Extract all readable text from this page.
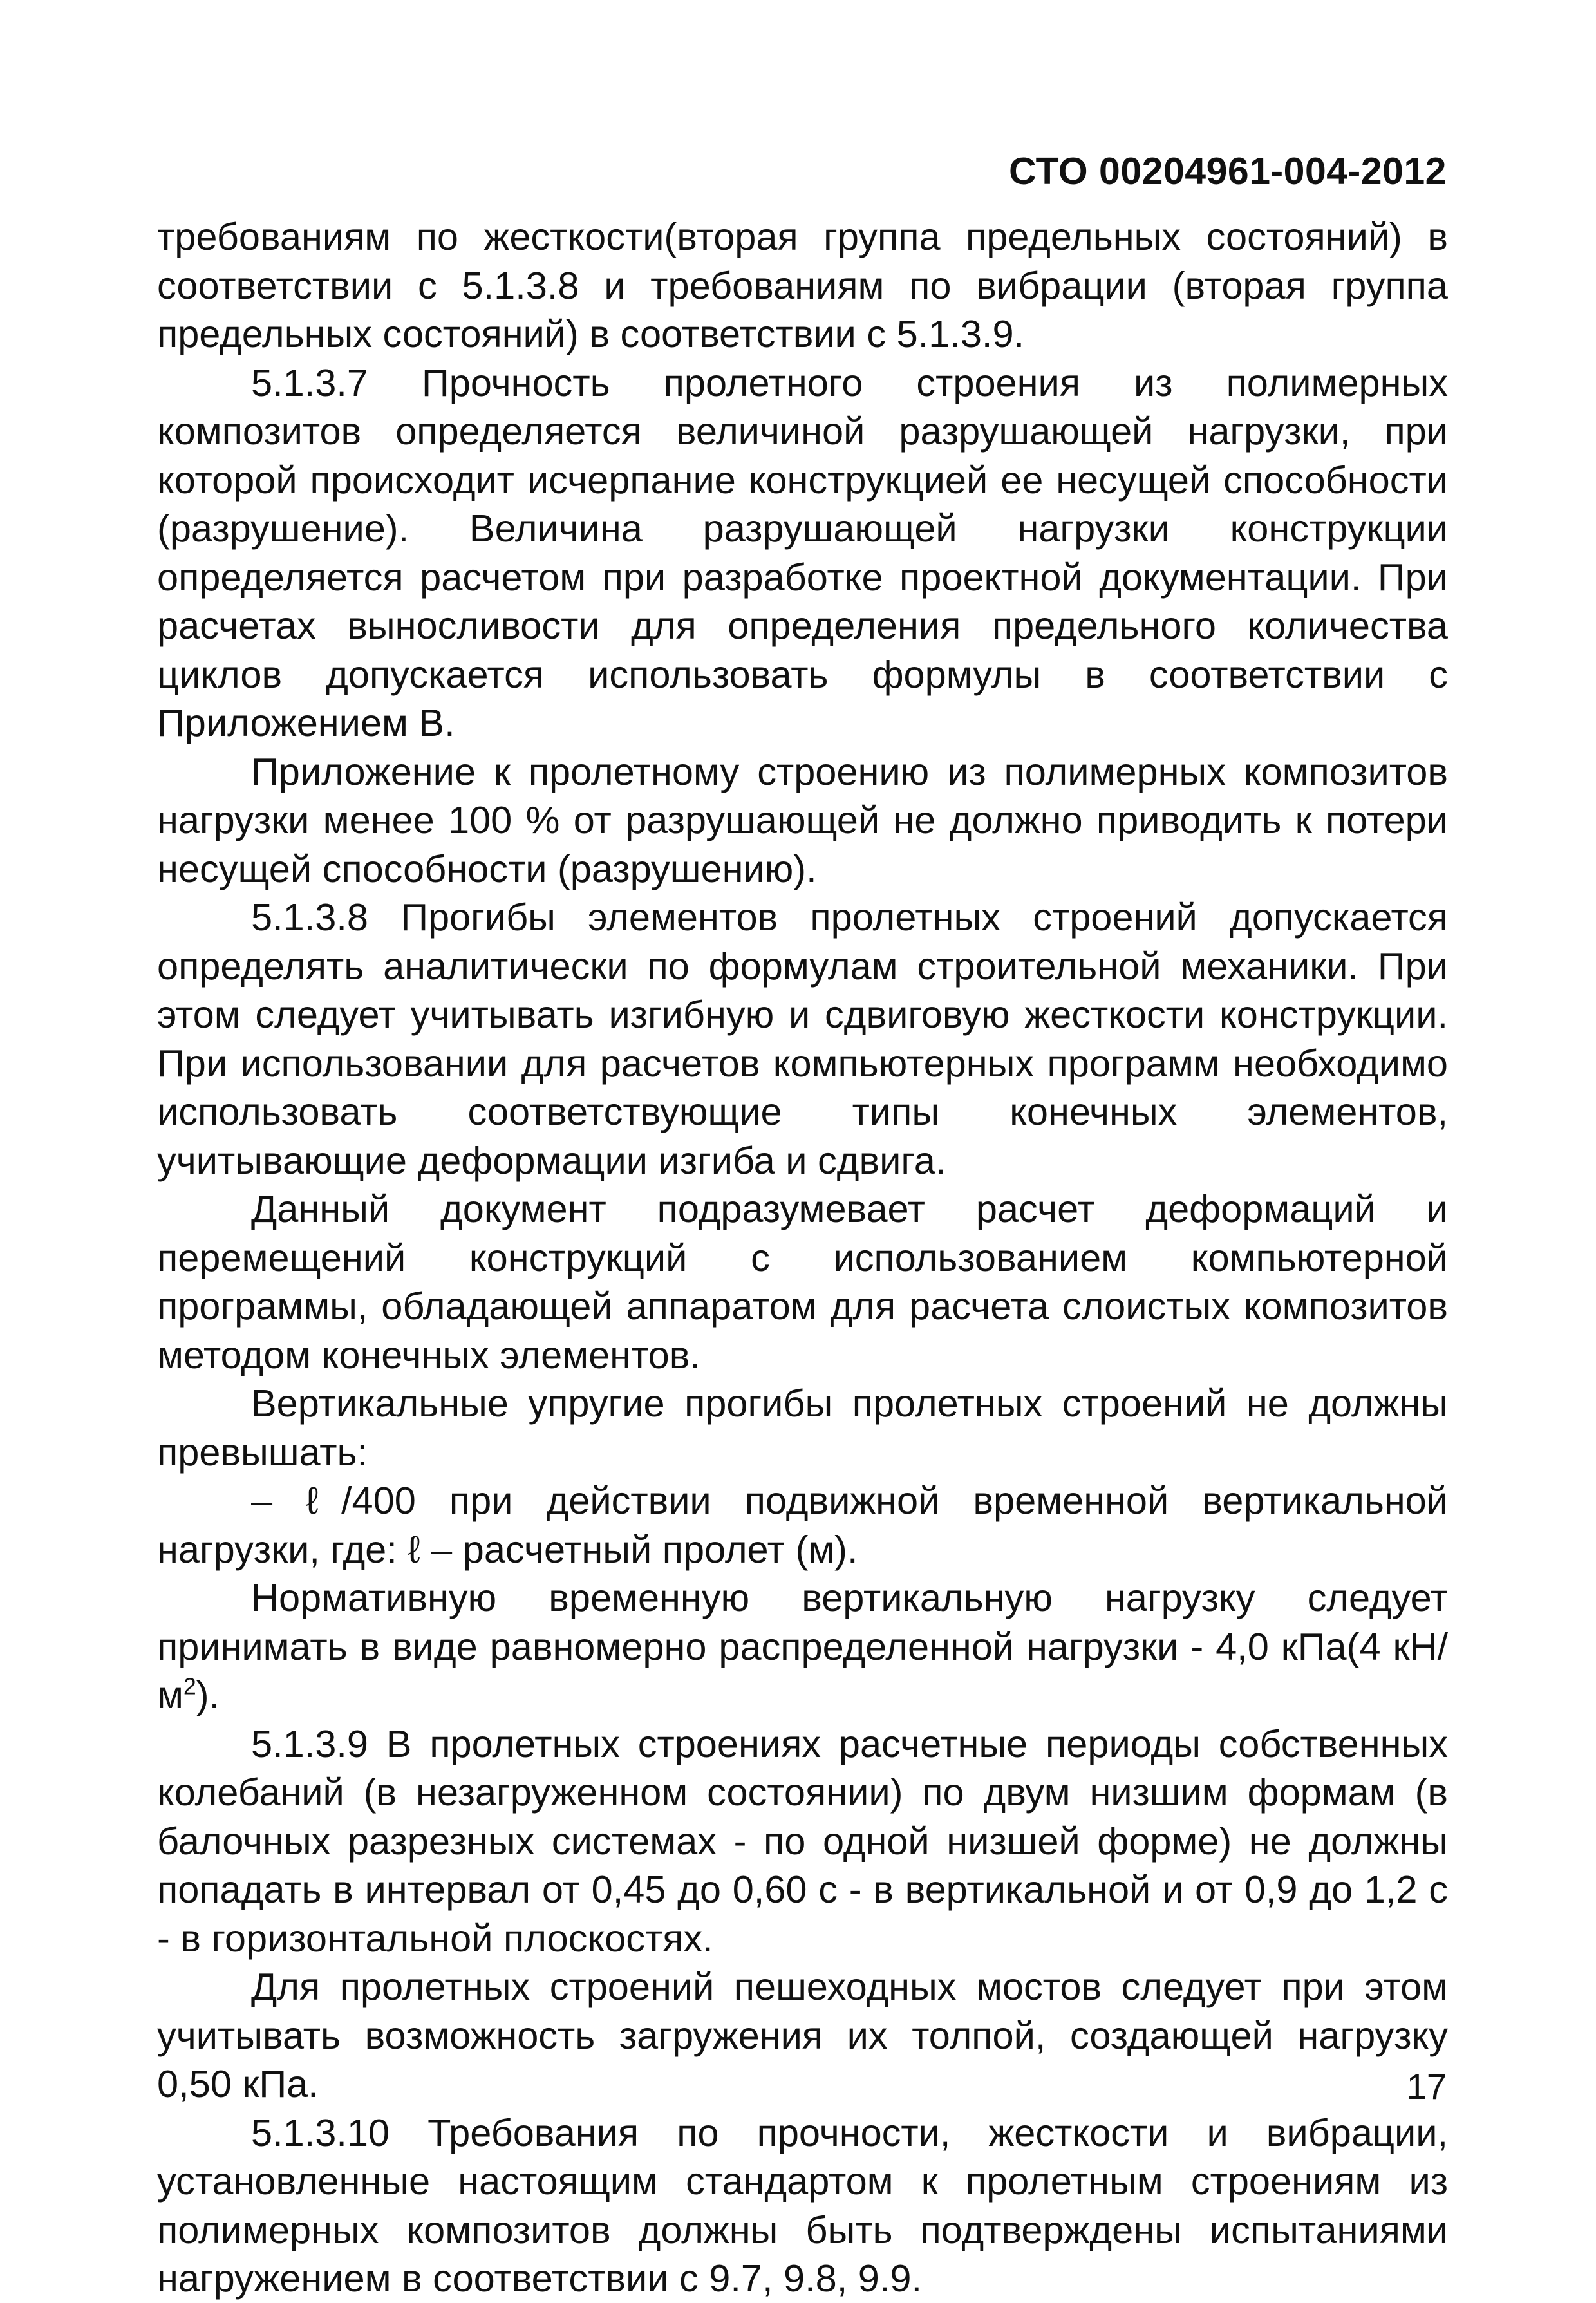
СТО 00204961-004-2012

требованиям по жесткости(вторая группа предельных состояний) в соответствии с 5.1.3.8 и требованиям по вибрации (вторая группа предельных состояний) в соответствии с 5.1.3.9.

5.1.3.7 Прочность пролетного строения из полимерных композитов определяется величиной разрушающей нагрузки, при которой происходит исчерпание конструкцией ее несущей способности (разрушение). Величина разрушающей нагрузки конструкции определяется расчетом при разработке проектной документации. При расчетах выносливости для определения предельного количества циклов допускается использовать формулы в соответствии с Приложением В.

Приложение к пролетному строению из полимерных композитов нагрузки менее 100 % от разрушающей не должно приводить к потери несущей способности (разрушению).

5.1.3.8 Прогибы элементов пролетных строений допускается определять аналитически по формулам строительной механики. При этом следует учитывать изгибную и сдвиговую жесткости конструкции. При использовании для расчетов компьютерных программ необходимо использовать соответствующие типы конечных элементов, учитывающие деформации изгиба и сдвига.

Данный документ подразумевает расчет деформаций и перемещений конструкций с использованием компьютерной программы, обладающей аппаратом для расчета слоистых композитов методом конечных элементов.

Вертикальные упругие прогибы пролетных строений не должны превышать:

– ℓ/400 при действии подвижной временной вертикальной нагрузки, где: ℓ – расчетный пролет (м).

Нормативную временную вертикальную нагрузку следует принимать в виде равномерно распределенной нагрузки - 4,0 кПа(4 $кН/м^2$).

5.1.3.9 В пролетных строениях расчетные периоды собственных колебаний (в незагруженном состоянии) по двум низшим формам (в балочных разрезных системах - по одной низшей форме) не должны попадать в интервал от 0,45 до 0,60 с - в вертикальной и от 0,9 до 1,2 с - в горизонтальной плоскостях.

Для пролетных строений пешеходных мостов следует при этом учитывать возможность загружения их толпой, создающей нагрузку 0,50 кПа.

5.1.3.10 Требования по прочности, жесткости и вибрации, установленные настоящим стандартом к пролетным строениям из полимерных композитов должны быть подтверждены испытаниями нагружением в соответствии с 9.7, 9.8, 9.9.

17
